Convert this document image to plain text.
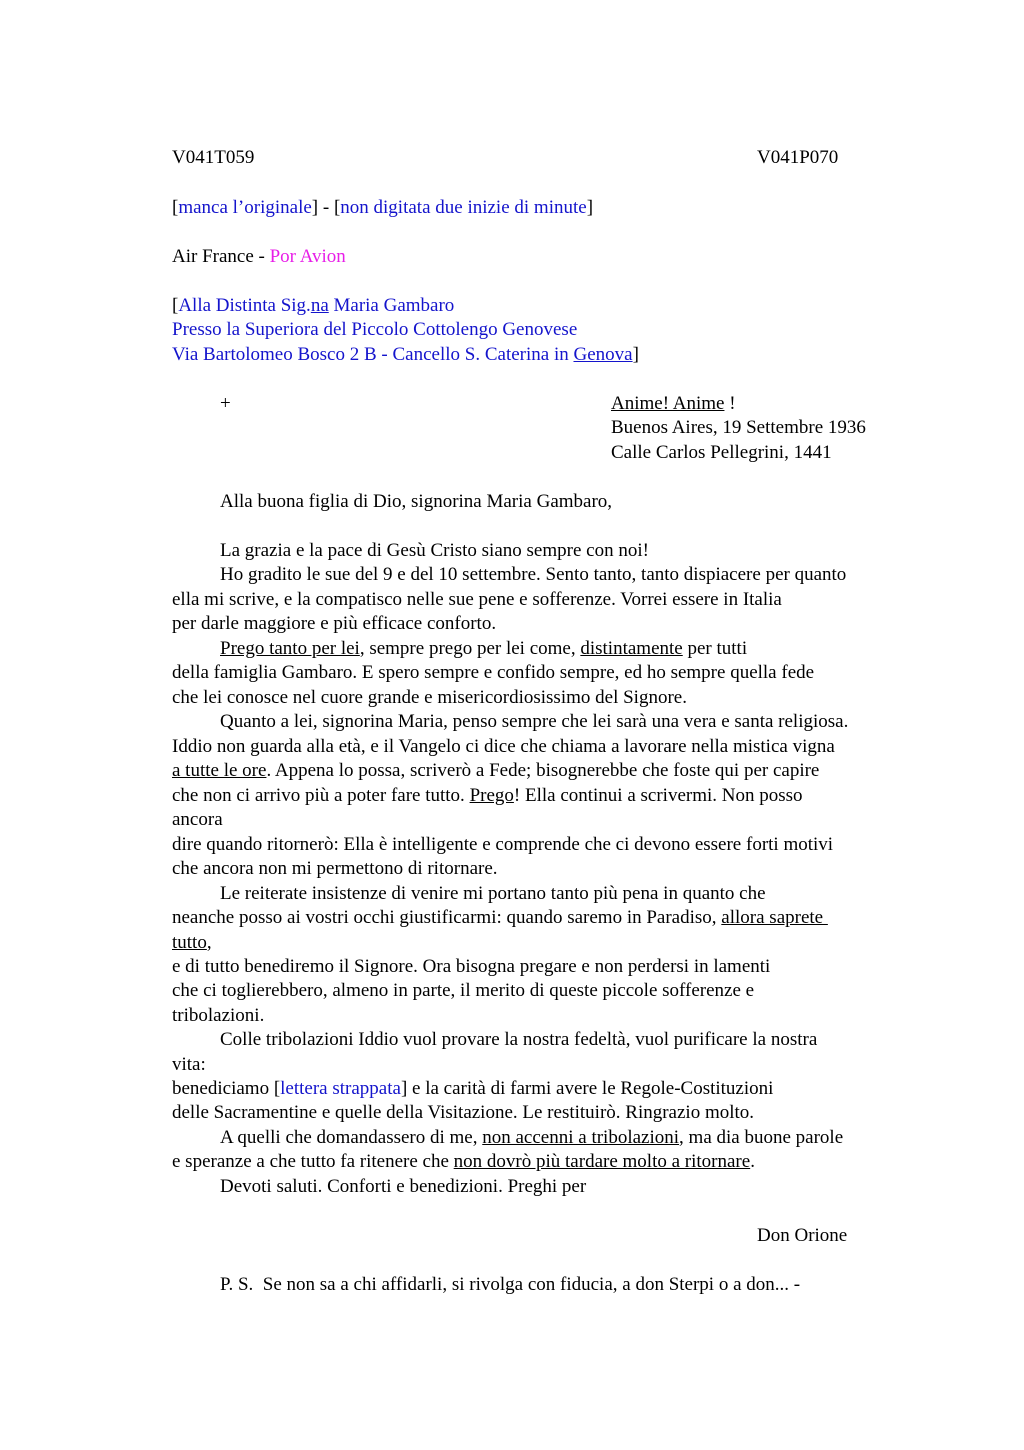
V041T059	V041P070
[manca l’originale] - [non digitata due inizie di minute]
Air France - Por Avion
[Alla Distinta Sig.na Maria Gambaro
Presso la Superiora del Piccolo Cottolengo Genovese
Via Bartolomeo Bosco 2 B - Cancello S. Caterina in Genova]
+	Anime! Anime !
Buenos Aires, 19 Settembre 1936
Calle Carlos Pellegrini, 1441
Alla buona figlia di Dio, signorina Maria Gambaro,
La grazia e la pace di Gesù Cristo siano sempre con noi!
Ho gradito le sue del 9 e del 10 settembre. Sento tanto, tanto dispiacere per quanto
ella mi scrive, e la compatisco nelle sue pene e sofferenze. Vorrei essere in Italia
per darle maggiore e più efficace conforto.
Prego tanto per lei, sempre prego per lei come, distintamente per tutti
della famiglia Gambaro. E spero sempre e confido sempre, ed ho sempre quella fede
che lei conosce nel cuore grande e misericordiosissimo del Signore.
Quanto a lei, signorina Maria, penso sempre che lei sarà una vera e santa religiosa.
Iddio non guarda alla età, e il Vangelo ci dice che chiama a lavorare nella mistica vigna
a tutte le ore. Appena lo possa, scriverò a Fede; bisognerebbe che foste qui per capire
che non ci arrivo più a poter fare tutto. Prego! Ella continui a scrivermi. Non posso
ancora
dire quando ritornerò: Ella è intelligente e comprende che ci devono essere forti motivi
che ancora non mi permettono di ritornare.
Le reiterate insistenze di venire mi portano tanto più pena in quanto che
neanche posso ai vostri occhi giustificarmi: quando saremo in Paradiso, allora saprete
tutto,
e di tutto benediremo il Signore. Ora bisogna pregare e non perdersi in lamenti
che ci toglierebbero, almeno in parte, il merito di queste piccole sofferenze e
tribolazioni.
Colle tribolazioni Iddio vuol provare la nostra fedeltà, vuol purificare la nostra
vita:
benediciamo [lettera strappata] e la carità di farmi avere le Regole-Costituzioni
delle Sacramentine e quelle della Visitazione. Le restituirò. Ringrazio molto.
A quelli che domandassero di me, non accenni a tribolazioni, ma dia buone parole
e speranze a che tutto fa ritenere che non dovrò più tardare molto a ritornare.
Devoti saluti. Conforti e benedizioni. Preghi per
Don Orione
P. S.  Se non sa a chi affidarli, si rivolga con fiducia, a don Sterpi o a don... -
